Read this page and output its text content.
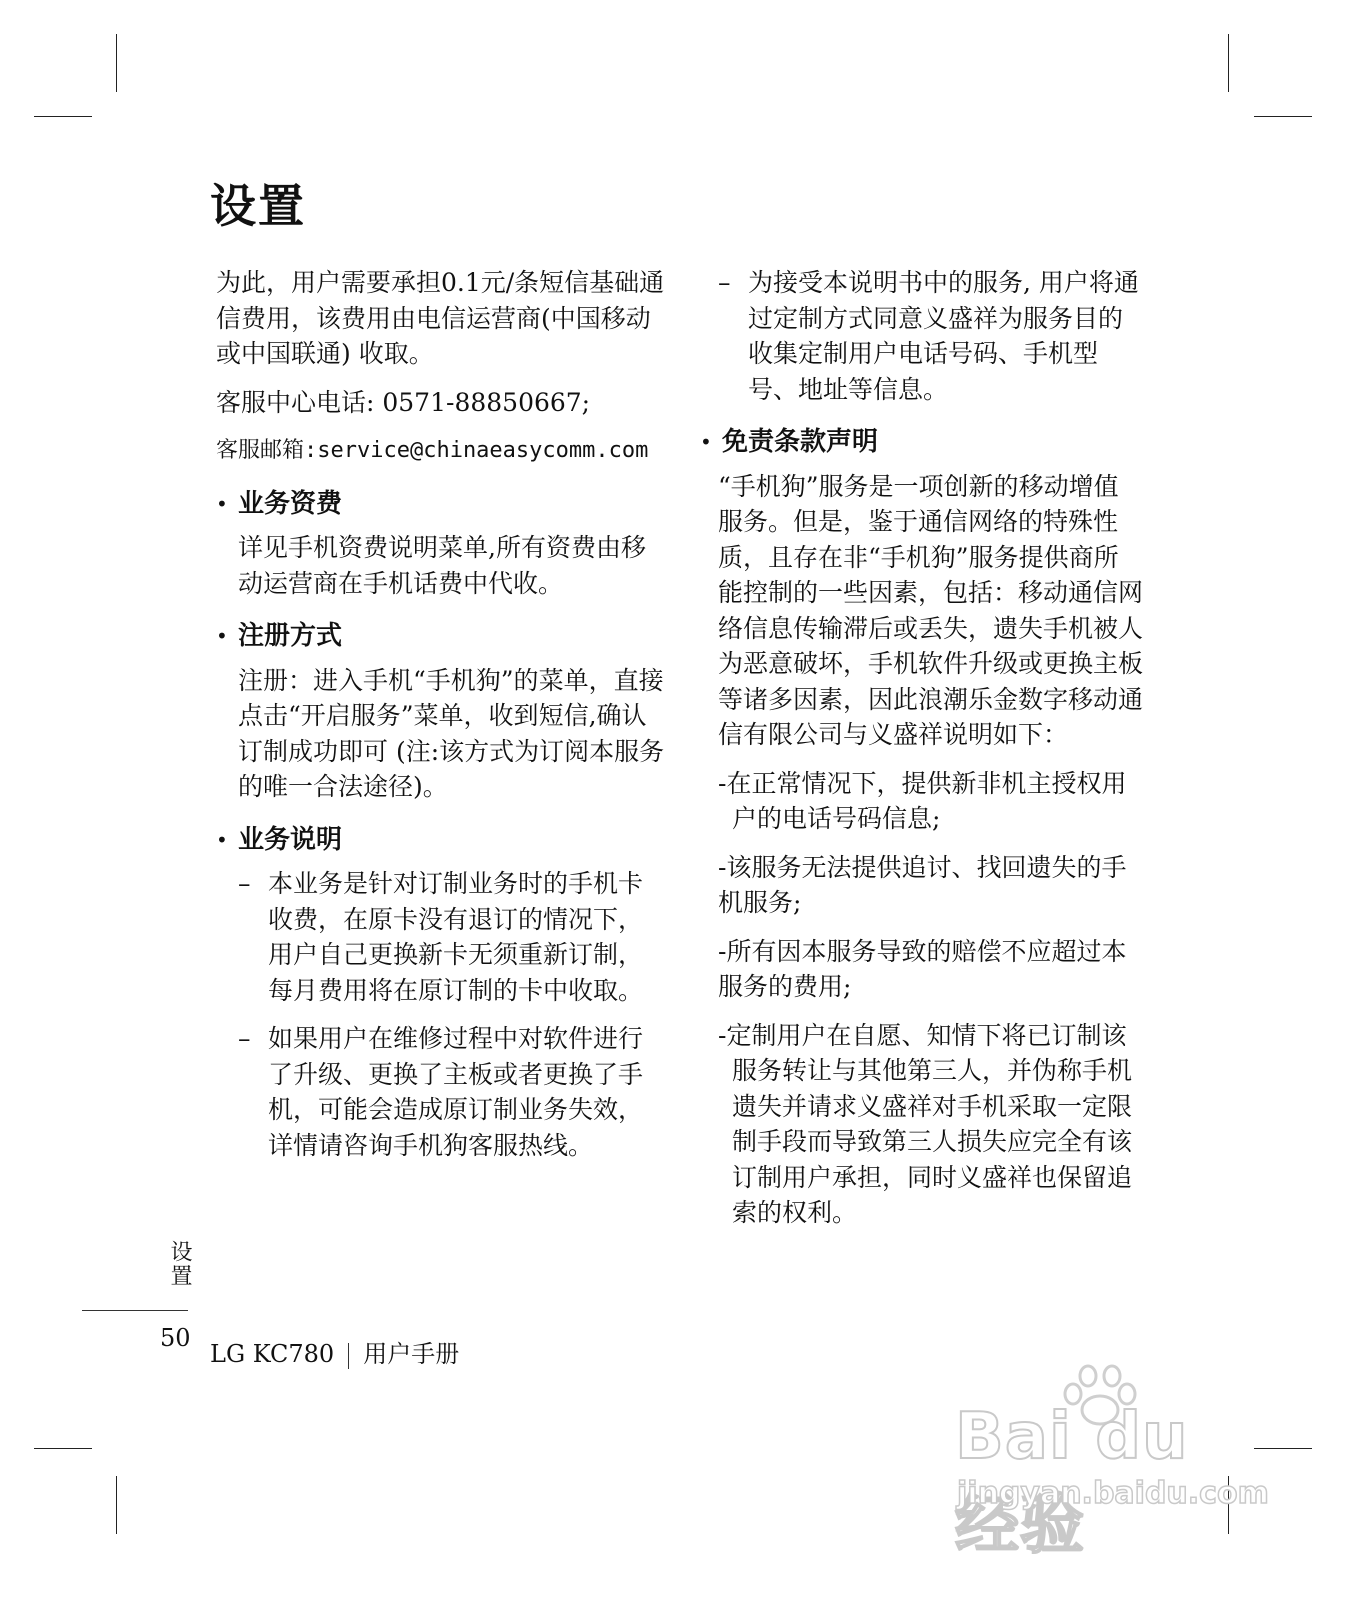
设置

为此，用户需要承担0.1元/条短信基础通信费用，该费用由电信运营商(中国移动或中国联通) 收取。

客服中心电话: 0571-88850667;

客服邮箱:service@chinaeasycomm.com

• 业务资费

详见手机资费说明菜单,所有资费由移动运营商在手机话费中代收。

• 注册方式

注册：进入手机“手机狗”的菜单，直接点击“开启服务”菜单，收到短信,确认订制成功即可 (注:该方式为订阅本服务的唯一合法途径)。

• 业务说明
– 本业务是针对订制业务时的手机卡收费，在原卡没有退订的情况下，用户自己更换新卡无须重新订制，每月费用将在原订制的卡中收取。
– 如果用户在维修过程中对软件进行了升级、更换了主板或者更换了手机，可能会造成原订制业务失效，详情请咨询手机狗客服热线。
– 为接受本说明书中的服务, 用户将通过定制方式同意义盛祥为服务目的收集定制用户电话号码、手机型号、地址等信息。
• 免责条款声明

“手机狗”服务是一项创新的移动增值服务。但是，鉴于通信网络的特殊性质，且存在非“手机狗”服务提供商所能控制的一些因素，包括：移动通信网络信息传输滞后或丢失，遗失手机被人为恶意破坏，手机软件升级或更换主板等诸多因素，因此浪潮乐金数字移动通信有限公司与义盛祥说明如下：

-在正常情况下，提供新非机主授权用户的电话号码信息;

-该服务无法提供追讨、找回遗失的手机服务;

-所有因本服务导致的赔偿不应超过本服务的费用;

-定制用户在自愿、知情下将已订制该服务转让与其他第三人，并伪称手机遗失并请求义盛祥对手机采取一定限制手段而导致第三人损失应完全有该订制用户承担，同时义盛祥也保留追索的权利。

设置
50
LG KC780 用户手册
Bai du 经验
jingyan.baidu.com
